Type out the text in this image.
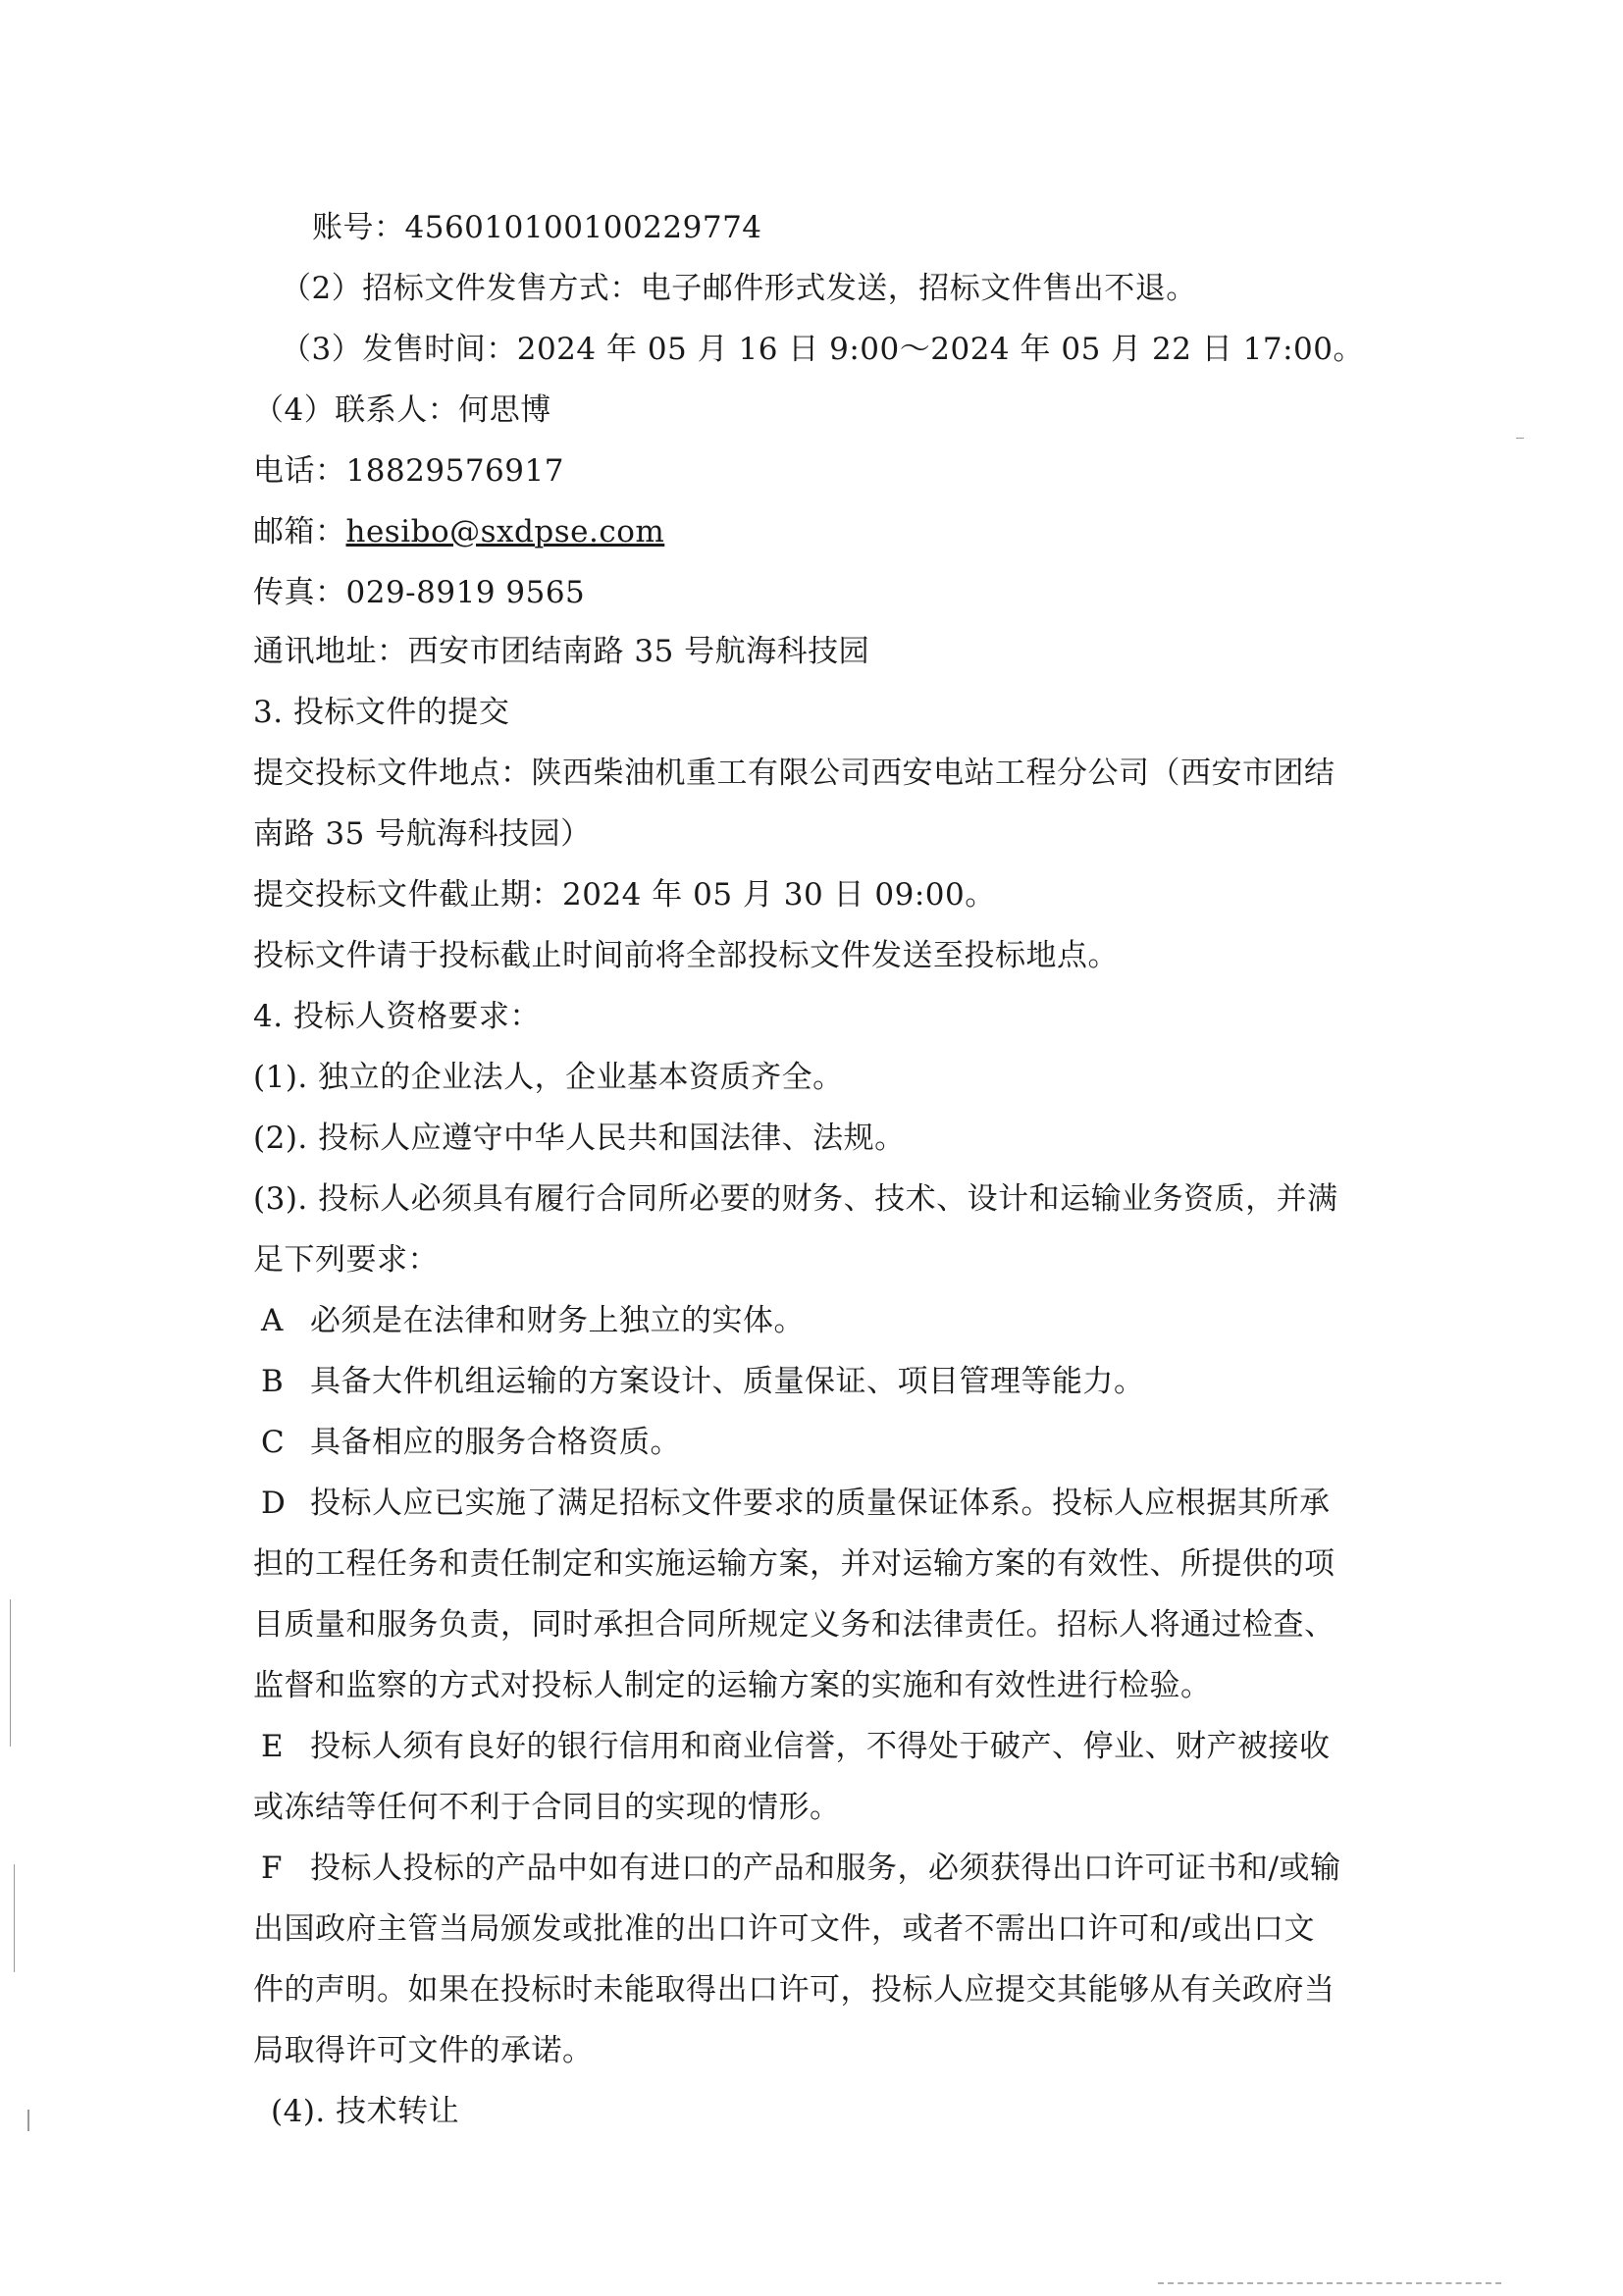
账号：456010100100229774
（2）招标文件发售方式：电子邮件形式发送，招标文件售出不退。
（3）发售时间：2024 年 05 月 16 日 9:00～2024 年 05 月 22 日 17:00。
（4）联系人：何思博
电话：18829576917
邮箱：hesibo@sxdpse.com
传真：029-8919 9565
通讯地址：西安市团结南路 35 号航海科技园
3. 投标文件的提交
提交投标文件地点：陕西柴油机重工有限公司西安电站工程分公司（西安市团结
南路 35 号航海科技园）
提交投标文件截止期：2024 年 05 月 30 日 09:00。
投标文件请于投标截止时间前将全部投标文件发送至投标地点。
4. 投标人资格要求：
(1). 独立的企业法人，企业基本资质齐全。
(2). 投标人应遵守中华人民共和国法律、法规。
(3). 投标人必须具有履行合同所必要的财务、技术、设计和运输业务资质，并满
足下列要求：
A 必须是在法律和财务上独立的实体。
B 具备大件机组运输的方案设计、质量保证、项目管理等能力。
C 具备相应的服务合格资质。
D 投标人应已实施了满足招标文件要求的质量保证体系。投标人应根据其所承
担的工程任务和责任制定和实施运输方案，并对运输方案的有效性、所提供的项
目质量和服务负责，同时承担合同所规定义务和法律责任。招标人将通过检查、
监督和监察的方式对投标人制定的运输方案的实施和有效性进行检验。
E 投标人须有良好的银行信用和商业信誉，不得处于破产、停业、财产被接收
或冻结等任何不利于合同目的实现的情形。
F 投标人投标的产品中如有进口的产品和服务，必须获得出口许可证书和/或输
出国政府主管当局颁发或批准的出口许可文件，或者不需出口许可和/或出口文
件的声明。如果在投标时未能取得出口许可，投标人应提交其能够从有关政府当
局取得许可文件的承诺。
(4). 技术转让
